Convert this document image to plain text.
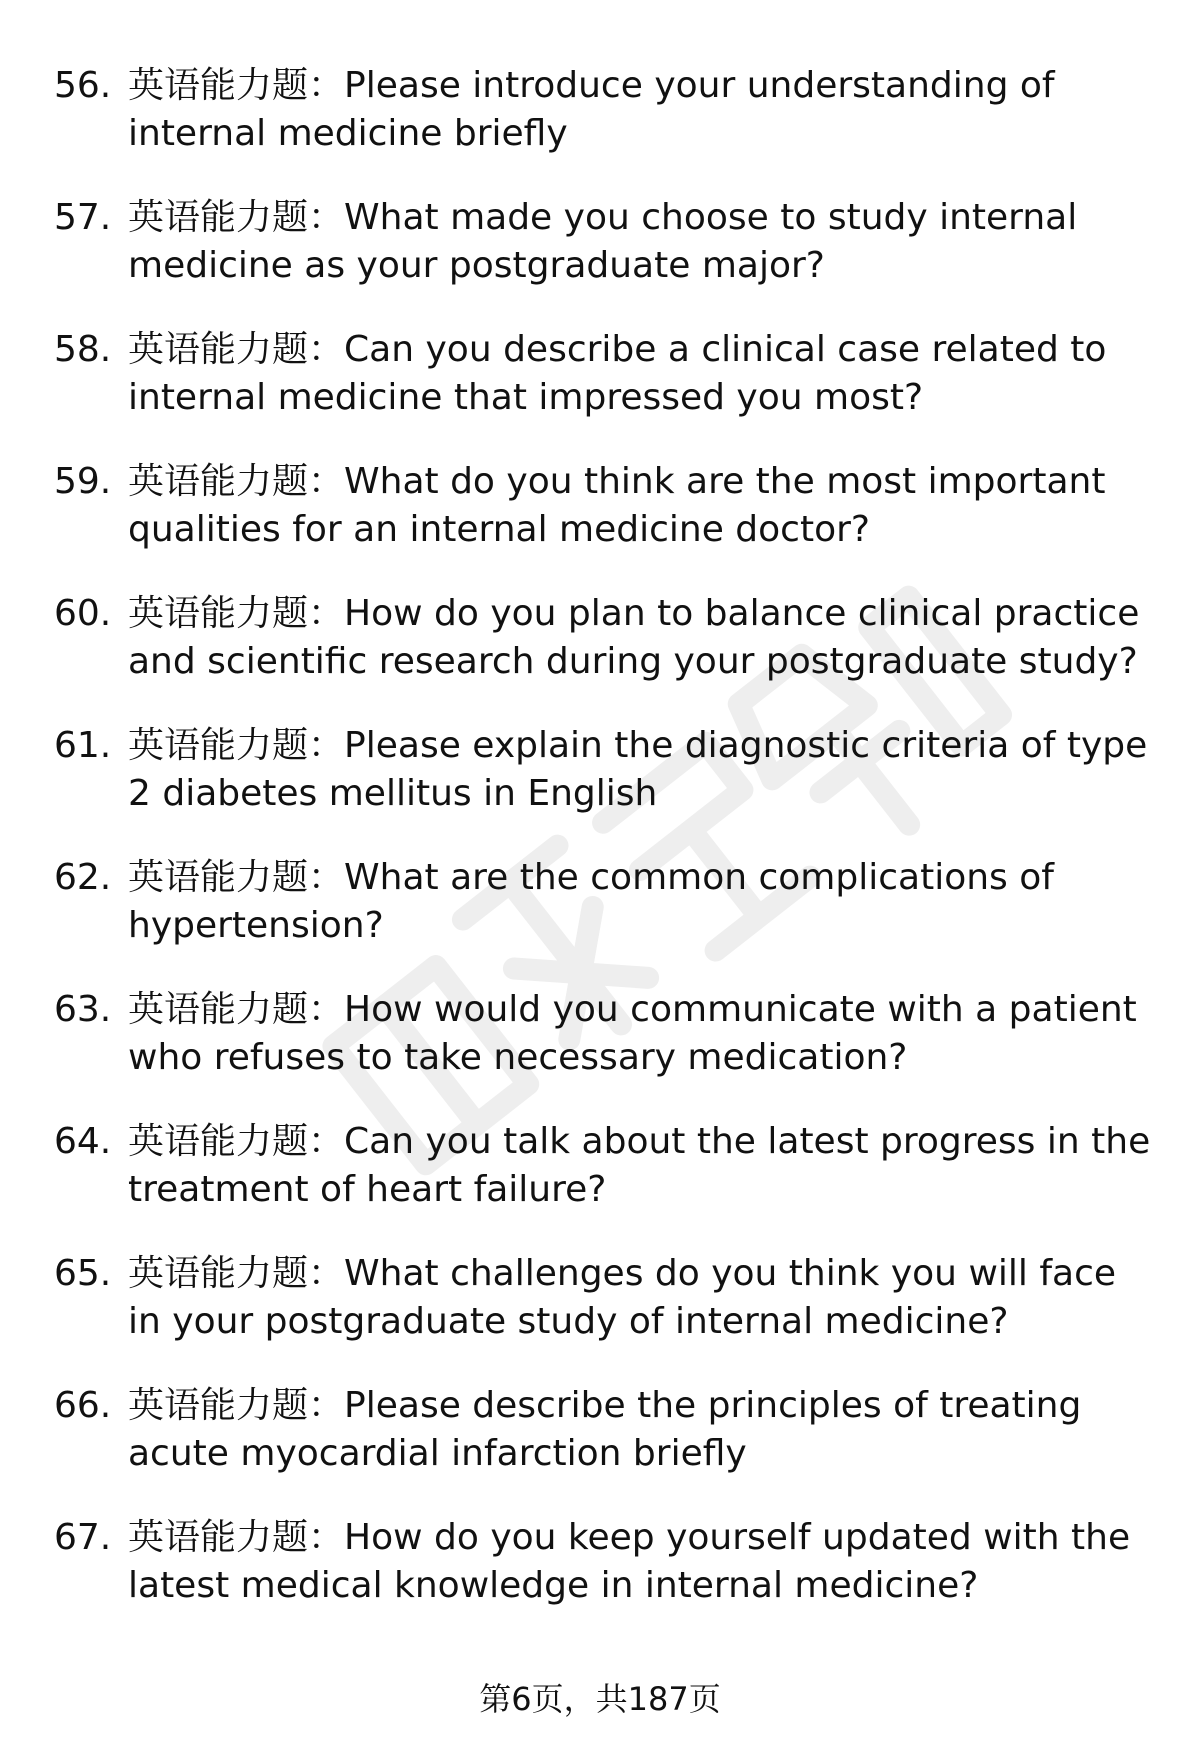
56. 英语能力题：Please introduce your understanding of internal medicine briefly
57. 英语能力题：What made you choose to study internal medicine as your postgraduate major?
58. 英语能力题：Can you describe a clinical case related to internal medicine that impressed you most?
59. 英语能力题：What do you think are the most important qualities for an internal medicine doctor?
60. 英语能力题：How do you plan to balance clinical practice and scientific research during your postgraduate study?
61. 英语能力题：Please explain the diagnostic criteria of type 2 diabetes mellitus in English
62. 英语能力题：What are the common complications of hypertension?
63. 英语能力题：How would you communicate with a patient who refuses to take necessary medication?
64. 英语能力题：Can you talk about the latest progress in the treatment of heart failure?
65. 英语能力题：What challenges do you think you will face in your postgraduate study of internal medicine?
66. 英语能力题：Please describe the principles of treating acute myocardial infarction briefly
67. 英语能力题：How do you keep yourself updated with the latest medical knowledge in internal medicine?
第6页，共187页
